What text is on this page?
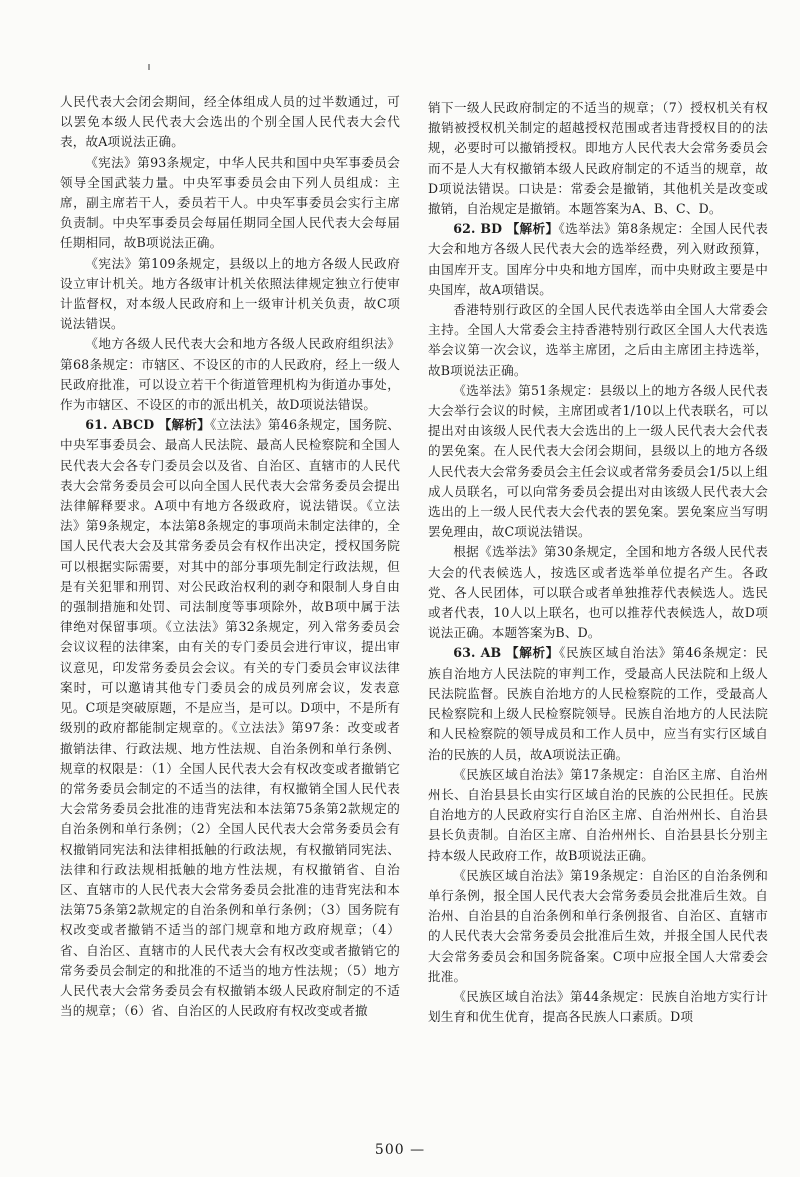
人民代表大会闭会期间，经全体组成人员的过半数通过，可以罢免本级人民代表大会选出的个别全国人民代表大会代表，故A项说法正确。

《宪法》第93条规定，中华人民共和国中央军事委员会领导全国武装力量。中央军事委员会由下列人员组成：主席，副主席若干人，委员若干人。中央军事委员会实行主席负责制。中央军事委员会每届任期同全国人民代表大会每届任期相同，故B项说法正确。

《宪法》第109条规定，县级以上的地方各级人民政府设立审计机关。地方各级审计机关依照法律规定独立行使审计监督权，对本级人民政府和上一级审计机关负责，故C项说法错误。

《地方各级人民代表大会和地方各级人民政府组织法》第68条规定：市辖区、不设区的市的人民政府，经上一级人民政府批准，可以设立若干个街道管理机构为街道办事处，作为市辖区、不设区的市的派出机关，故D项说法错误。

61. ABCD 【解析】《立法法》第46条规定，国务院、中央军事委员会、最高人民法院、最高人民检察院和全国人民代表大会各专门委员会以及省、自治区、直辖市的人民代表大会常务委员会可以向全国人民代表大会常务委员会提出法律解释要求。A项中有地方各级政府，说法错误。《立法法》第9条规定，本法第8条规定的事项尚未制定法律的，全国人民代表大会及其常务委员会有权作出决定，授权国务院可以根据实际需要，对其中的部分事项先制定行政法规，但是有关犯罪和刑罚、对公民政治权利的剥夺和限制人身自由的强制措施和处罚、司法制度等事项除外，故B项中属于法律绝对保留事项。《立法法》第32条规定，列入常务委员会会议议程的法律案，由有关的专门委员会进行审议，提出审议意见，印发常务委员会会议。有关的专门委员会审议法律案时，可以邀请其他专门委员会的成员列席会议，发表意见。C项是突破原题，不是应当，是可以。D项中，不是所有级别的政府都能制定规章的。《立法法》第97条：改变或者撤销法律、行政法规、地方性法规、自治条例和单行条例、规章的权限是：（1）全国人民代表大会有权改变或者撤销它的常务委员会制定的不适当的法律，有权撤销全国人民代表大会常务委员会批准的违背宪法和本法第75条第2款规定的自治条例和单行条例；（2）全国人民代表大会常务委员会有权撤销同宪法和法律相抵触的行政法规，有权撤销同宪法、法律和行政法规相抵触的地方性法规，有权撤销省、自治区、直辖市的人民代表大会常务委员会批准的违背宪法和本法第75条第2款规定的自治条例和单行条例；（3）国务院有权改变或者撤销不适当的部门规章和地方政府规章；（4）省、自治区、直辖市的人民代表大会有权改变或者撤销它的常务委员会制定的和批准的不适当的地方性法规；（5）地方人民代表大会常务委员会有权撤销本级人民政府制定的不适当的规章；（6）省、自治区的人民政府有权改变或者撤

销下一级人民政府制定的不适当的规章；（7）授权机关有权撤销被授权机关制定的超越授权范围或者违背授权目的的法规，必要时可以撤销授权。即地方人民代表大会常务委员会而不是人大有权撤销本级人民政府制定的不适当的规章，故D项说法错误。口诀是：常委会是撤销，其他机关是改变或撤销，自治规定是撤销。本题答案为A、B、C、D。

62. BD 【解析】《选举法》第8条规定：全国人民代表大会和地方各级人民代表大会的选举经费，列入财政预算，由国库开支。国库分中央和地方国库，而中央财政主要是中央国库，故A项错误。

香港特别行政区的全国人民代表选举由全国人大常委会主持。全国人大常委会主持香港特别行政区全国人大代表选举会议第一次会议，选举主席团，之后由主席团主持选举，故B项说法正确。

《选举法》第51条规定：县级以上的地方各级人民代表大会举行会议的时候，主席团或者1/10以上代表联名，可以提出对由该级人民代表大会选出的上一级人民代表大会代表的罢免案。在人民代表大会闭会期间，县级以上的地方各级人民代表大会常务委员会主任会议或者常务委员会1/5以上组成人员联名，可以向常务委员会提出对由该级人民代表大会选出的上一级人民代表大会代表的罢免案。罢免案应当写明罢免理由，故C项说法错误。

根据《选举法》第30条规定，全国和地方各级人民代表大会的代表候选人，按选区或者选举单位提名产生。各政党、各人民团体，可以联合或者单独推荐代表候选人。选民或者代表，10人以上联名，也可以推荐代表候选人，故D项说法正确。本题答案为B、D。

63. AB 【解析】《民族区域自治法》第46条规定：民族自治地方人民法院的审判工作，受最高人民法院和上级人民法院监督。民族自治地方的人民检察院的工作，受最高人民检察院和上级人民检察院领导。民族自治地方的人民法院和人民检察院的领导成员和工作人员中，应当有实行区域自治的民族的人员，故A项说法正确。

《民族区域自治法》第17条规定：自治区主席、自治州州长、自治县县长由实行区域自治的民族的公民担任。民族自治地方的人民政府实行自治区主席、自治州州长、自治县县长负责制。自治区主席、自治州州长、自治县县长分别主持本级人民政府工作，故B项说法正确。

《民族区域自治法》第19条规定：自治区的自治条例和单行条例，报全国人民代表大会常务委员会批准后生效。自治州、自治县的自治条例和单行条例报省、自治区、直辖市的人民代表大会常务委员会批准后生效，并报全国人民代表大会常务委员会和国务院备案。C项中应报全国人大常委会批准。

《民族区域自治法》第44条规定：民族自治地方实行计划生育和优生优育，提高各民族人口素质。D项

500 —
